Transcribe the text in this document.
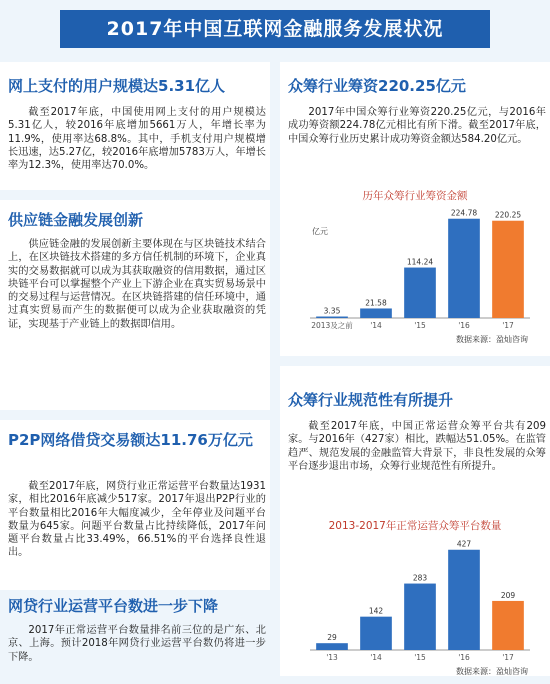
2017年中国互联网金融服务发展状况
网上支付的用户规模达5.31亿人
截至2017年底，中国使用网上支付的用户规模达5.31亿人，较2016年底增加5661万人，年增长率为11.9%，使用率达68.8%。其中，手机支付用户规模增长迅速，达5.27亿，较2016年底增加5783万人，年增长率为12.3%，使用率达70.0%。
供应链金融发展创新
供应链金融的发展创新主要体现在与区块链技术结合上，在区块链技术搭建的多方信任机制的环境下，企业真实的交易数据就可以成为其获取融资的信用数据，通过区块链平台可以掌握整个产业上下游企业在真实贸易场景中的交易过程与运营情况。在区块链搭建的信任环境中，通过真实贸易而产生的数据便可以成为企业获取融资的凭证，实现基于产业链上的数据即信用。
P2P网络借贷交易额达11.76万亿元
截至2017年底，网贷行业正常运营平台数量达1931家，相比2016年底减少517家。2017年退出P2P行业的平台数量相比2016年大幅度减少，全年停业及问题平台数量为645家。问题平台数量占比持续降低，2017年问题平台数量占比33.49%，66.51%的平台选择良性退出。
网贷行业运营平台数进一步下降
2017年正常运营平台数量排名前三位的是广东、北京、上海。预计2018年网贷行业运营平台数仍将进一步下降。
众筹行业筹资220.25亿元
2017年中国众筹行业筹资220.25亿元，与2016年成功筹资额224.78亿元相比有所下滑。截至2017年底，中国众筹行业历史累计成功筹资金额达584.20亿元。
历年众筹行业筹资金额
亿元
3.35
2013及之前
21.58
'14
114.24
'15
224.78
'16
220.25
'17
数据来源：盈灿咨询
众筹行业规范性有所提升
截至2017年底，中国正常运营众筹平台共有209家。与2016年（427家）相比，跌幅达51.05%。在监管趋严、规范发展的金融监管大背景下，非良性发展的众筹平台逐步退出市场，众筹行业规范性有所提升。
2013-2017年正常运营众筹平台数量
29
'13
142
'14
283
'15
427
'16
209
'17
数据来源：盈灿咨询
